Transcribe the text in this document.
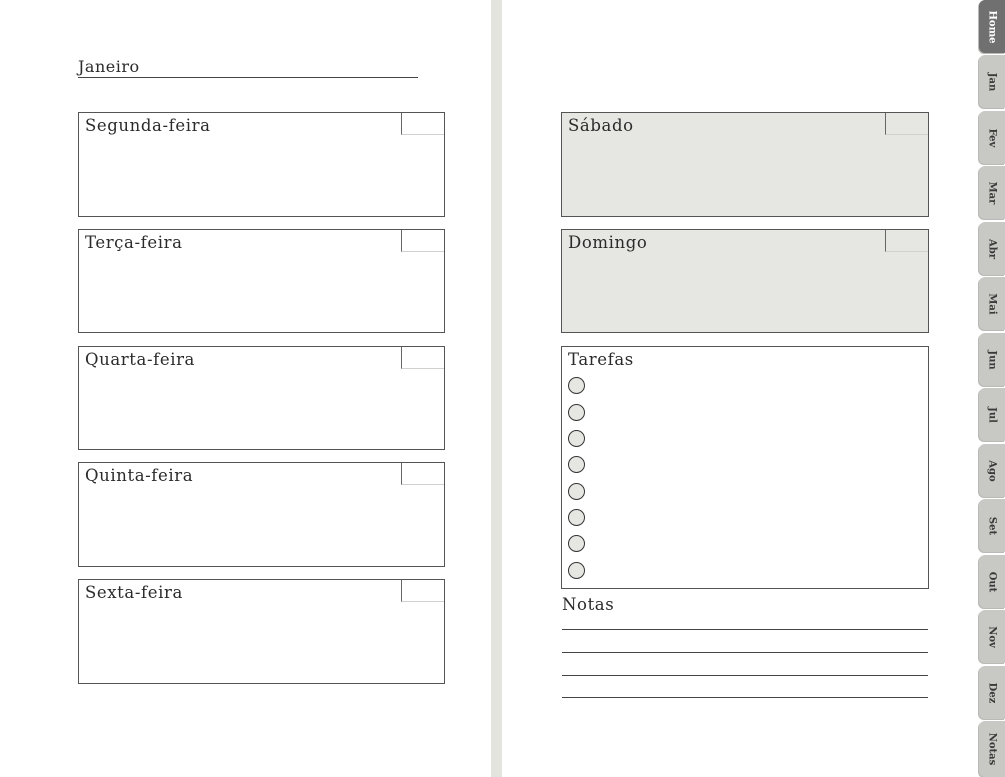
Janeiro
Segunda-feira
Terça-feira
Quarta-feira
Quinta-feira
Sexta-feira
Sábado
Domingo
Tarefas
Notas
Home
Jan
Fev
Mar
Abr
Mai
Jun
Jul
Ago
Set
Out
Nov
Dez
Notas
